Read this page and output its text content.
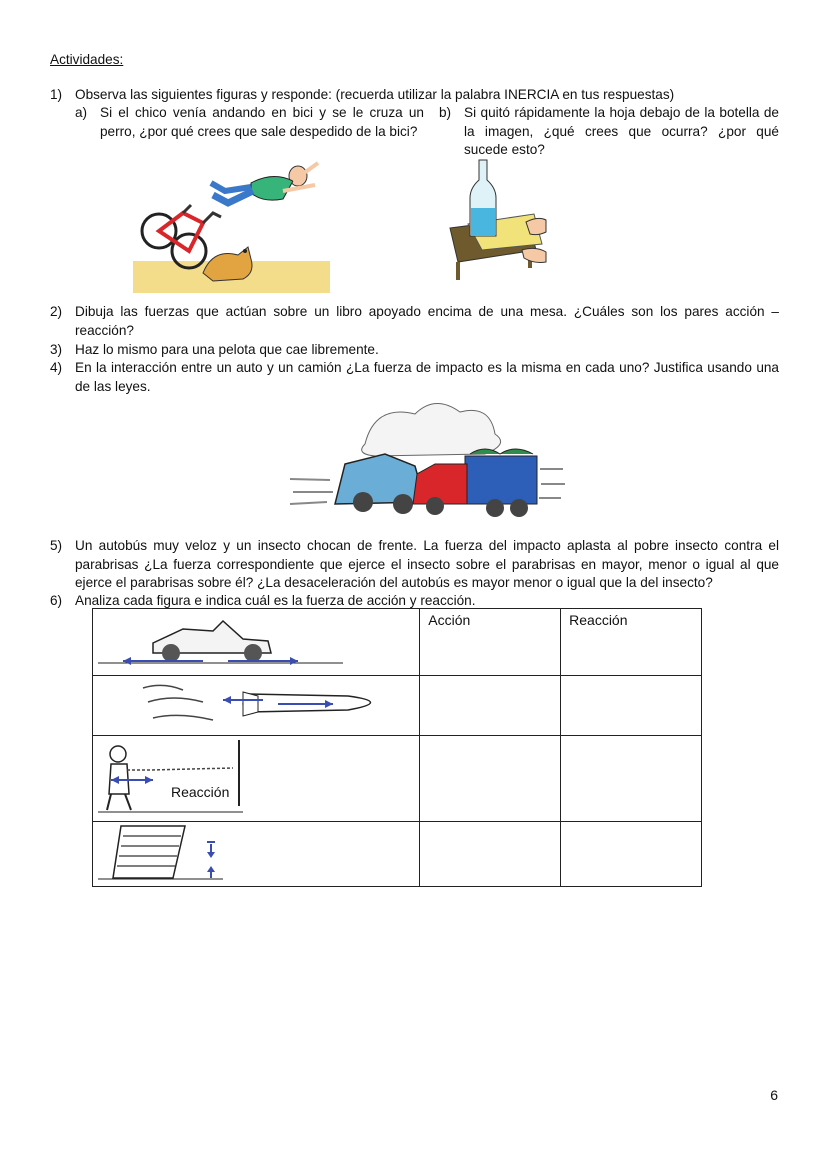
Actividades:
1) Observa las siguientes figuras y responde: (recuerda utilizar la palabra INERCIA en tus respuestas)
a) Si el chico venía andando en bici y se le cruza un perro, ¿por qué crees que sale despedido de la bici?
b) Si quitó rápidamente la hoja debajo de la botella de la imagen, ¿qué crees que ocurra? ¿por qué sucede esto?
2) Dibuja las fuerzas que actúan sobre un libro apoyado encima de una mesa. ¿Cuáles son los pares acción – reacción?
3) Haz lo mismo para una pelota que cae libremente.
4) En la interacción entre un auto y un camión ¿La fuerza de impacto es la misma en cada uno? Justifica usando una de las leyes.
5) Un autobús muy veloz y un insecto chocan de frente. La fuerza del impacto aplasta al pobre insecto contra el parabrisas ¿La fuerza correspondiente que ejerce el insecto sobre el parabrisas en mayor, menor o igual al que ejerce el parabrisas sobre él? ¿La desaceleración del autobús es mayor menor o igual que la del insecto?
6) Analiza cada figura e indica cuál es la fuerza de acción y reacción.
	Acción	Reacción

Reacción		

6
